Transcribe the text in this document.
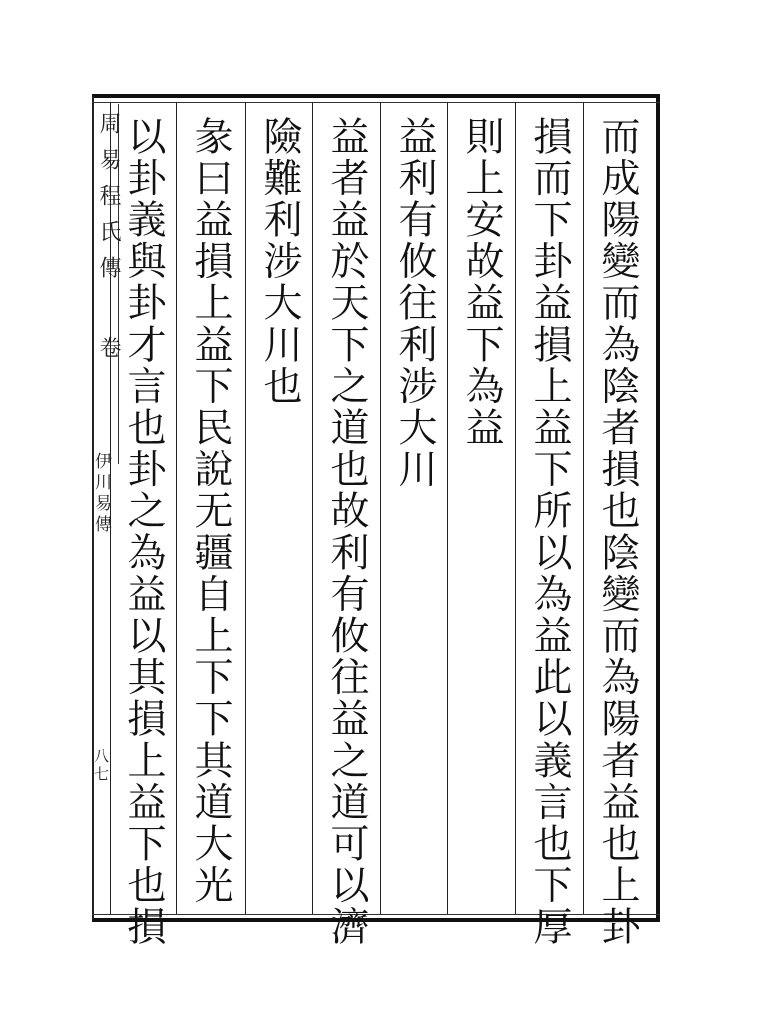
而成陽變而為陰者損也陰變而為陽者益也上卦
損而下卦益損上益下所以為益此以義言也下厚
則上安故益下為益
益利有攸往利涉大川
益者益於天下之道也故利有攸往益之道可以濟
險難利涉大川也
彖曰益損上益下民說无疆自上下下其道大光
以卦義與卦才言也卦之為益以其損上益下也損
周易程氏傳
卷
伊川易傳
八七
